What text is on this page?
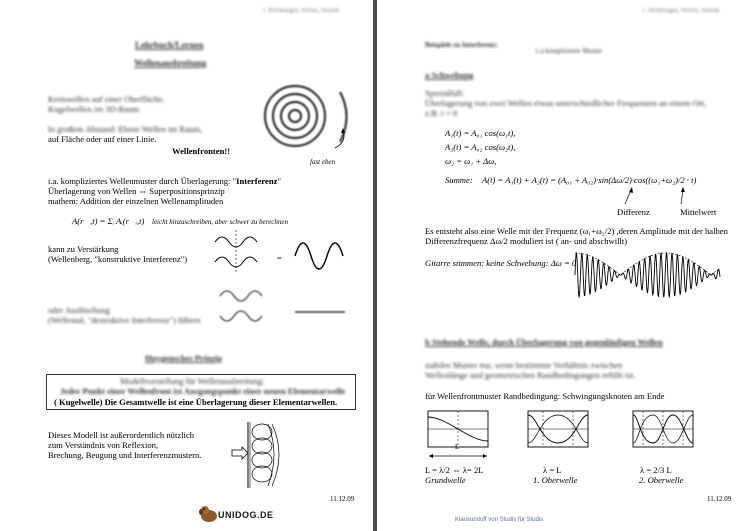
1. Hörübungen, Wellen, Akustik
Lehrbuch/Lernen
Wellenausbreitung
Kreiswellen auf einer Oberfläche,
Kugelwellen im 3D-Raum
In großem Abstand: Ebene Wellen im Raum,
auf Fläche oder auf einer Linie.
Wellenfronten!!
fast eben
i.a. kompliziertes Wellenmuster durch Überlagerung: "Interferenz"
Überlagerung von Wellen ⇔ Superpositionsprinzip
mathem: Addition der einzelnen Wellenamplituden
A(r⃗,t) = Σᵢ Aᵢ(r⃗ᵢ,t) leicht hinzuschreiben, aber schwer zu berechnen
kann zu Verstärkung
(Wellenberg, "konstruktive Interferenz")	=
oder Auslöschung
(Wellental, "destruktive Interferenz") führen
Huygensches Prinzip
Modellvorstellung für Wellenausbreitung:
Jeder Punkt einer Wellenfront ist Ausgangspunkt einer neuen Elementarwelle
( Kugelwelle) Die Gesamtwelle ist eine Überlagerung dieser Elementarwellen.
Dieses Modell ist außerordentlich nützlich
zum Verständnis von Reflexion,
Brechung, Beugung und Interferenzmustern.
11.12.09
UNIDOG.DE
1. Hörübungen, Wellen, Akustik
Beispiele zu Interferenz:
1.a komplizierte Muster
a Schwebung
Spezialfall:
Überlagerung von zwei Wellen etwas unterschiedlicher Frequenzen an einem Ort,
z.B. r = 0
A₁(t) = A₀₁ cos(ω₁t),
A₂(t) = A₀₂ cos(ω₂t),
ω₂ = ω₁ + Δω,
Summe: A(t) = A₁(t) + A₂(t) = (A₀₁ + A₀₂)·sin(Δω/2)·cos((ω₁+ω₂)/2 · t)
Differenz	Mittelwert
Es entsteht also eine Welle mit der Frequenz (ω₁+ω₂/2) ,deren Amplitude mit der halben
Differenzfrequenz Δω/2 moduliert ist ( an- und abschwillt)
Gitarre stimmen: keine Schwebung: Δω = 0
b Stehende Welle, durch Überlagerung von gegenläufigen Wellen
stabiles Muster nur, wenn bestimmte Verhältnis zwischen
Wellenlänge und geometrischen Randbedingungen erfüllt ist.
für Wellenfrontmuster Randbedingung: Schwingungsknoten am Ende
L
L = λ/2 ⇔ λ= 2L
Grundwelle
λ = L
1. Oberwelle
λ = 2/3 L
2. Oberwelle
11.12.09
Klausurstoff von Studis für Studis
